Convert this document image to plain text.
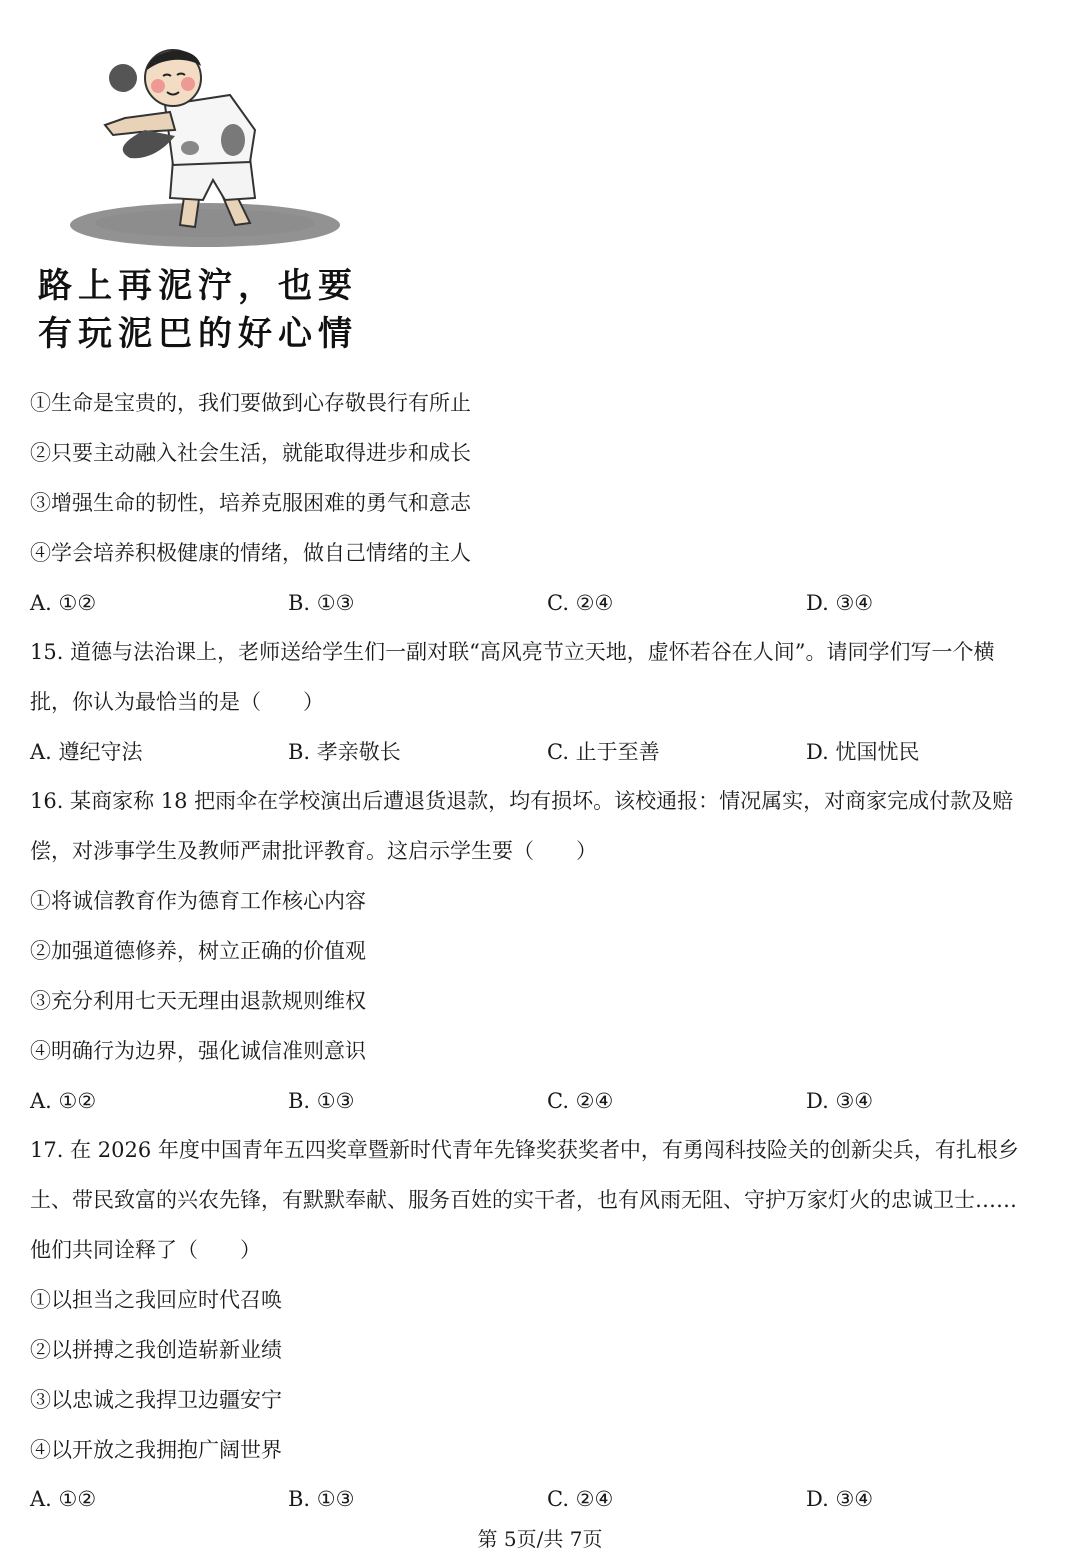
路上再泥泞，也要
有玩泥巴的好心情
①生命是宝贵的，我们要做到心存敬畏行有所止
②只要主动融入社会生活，就能取得进步和成长
③增强生命的韧性，培养克服困难的勇气和意志
④学会培养积极健康的情绪，做自己情绪的主人
A. ①②	B. ①③	C. ②④	D. ③④
15. 道德与法治课上，老师送给学生们一副对联“高风亮节立天地，虚怀若谷在人间”。请同学们写一个横
批，你认为最恰当的是（　　）
A. 遵纪守法	B. 孝亲敬长	C. 止于至善	D. 忧国忧民
16. 某商家称 18 把雨伞在学校演出后遭退货退款，均有损坏。该校通报：情况属实，对商家完成付款及赔
偿，对涉事学生及教师严肃批评教育。这启示学生要（　　）
①将诚信教育作为德育工作核心内容
②加强道德修养，树立正确的价值观
③充分利用七天无理由退款规则维权
④明确行为边界，强化诚信准则意识
A. ①②	B. ①③	C. ②④	D. ③④
17. 在 2026 年度中国青年五四奖章暨新时代青年先锋奖获奖者中，有勇闯科技险关的创新尖兵，有扎根乡
土、带民致富的兴农先锋，有默默奉献、服务百姓的实干者，也有风雨无阻、守护万家灯火的忠诚卫士……
他们共同诠释了（　　）
①以担当之我回应时代召唤
②以拼搏之我创造崭新业绩
③以忠诚之我捍卫边疆安宁
④以开放之我拥抱广阔世界
A. ①②	B. ①③	C. ②④	D. ③④
第 5页/共 7页
